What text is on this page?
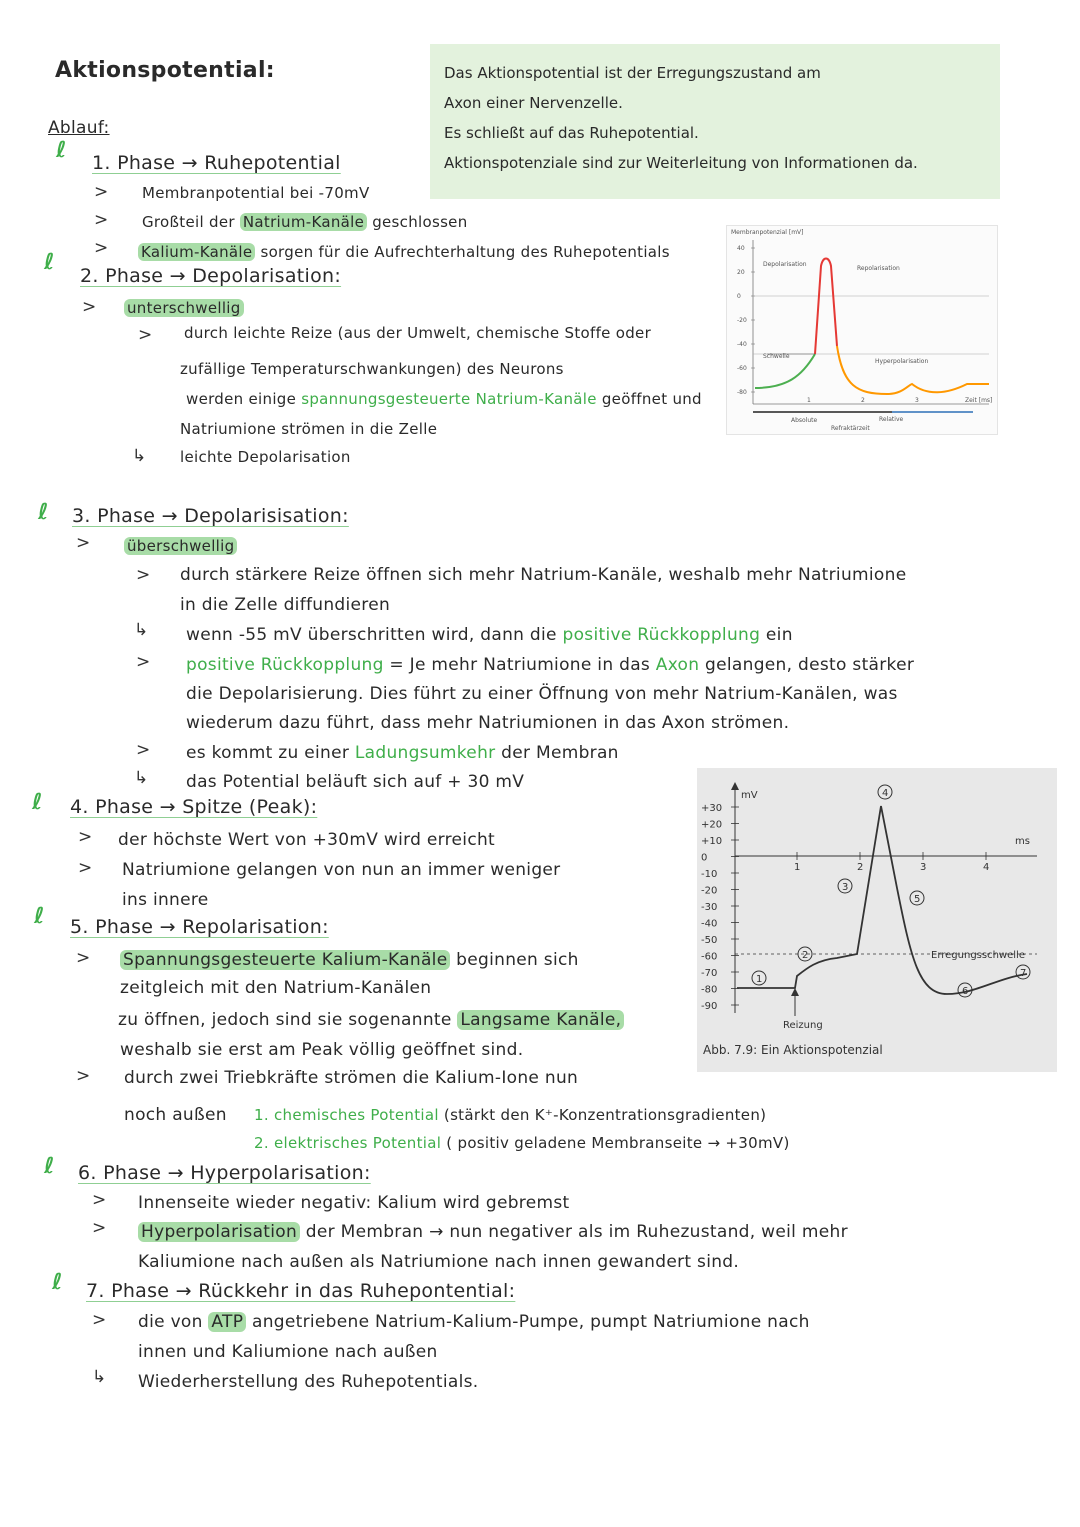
Aktionspotential:
Ablauf:
Das Aktionspotential ist der Erregungszustand am
Axon einer Nervenzelle.
Es schließt auf das Ruhepotential.
Aktionspotenziale sind zur Weiterleitung von Informationen da.
ℓ 1. Phase → Ruhepotential
> Membranpotential bei -70mV
> Großteil der Natrium-Kanäle geschlossen
> Kalium-Kanäle sorgen für die Aufrechterhaltung des Ruhepotentials
ℓ
2. Phase → Depolarisation:
> unterschwellig
> durch leichte Reize (aus der Umwelt, chemische Stoffe oder
zufällige Temperaturschwankungen) des Neurons
werden einige spannungsgesteuerte Natrium-Kanäle geöffnet und
Natriumione strömen in die Zelle
↳ leichte Depolarisation
Membranpotenzial [mV]
40
20
0
-20
-40
-60
-80
Schwelle
Depolarisation
Repolarisation
Hyperpolarisation
1	2	3	Zeit [ms]
Absolute
Refraktärzeit
Relative
ℓ 3. Phase → Depolarisisation:
> überschwellig
> durch stärkere Reize öffnen sich mehr Natrium-Kanäle, weshalb mehr Natriumione
in die Zelle diffundieren
↳ wenn -55 mV überschritten wird, dann die positive Rückkopplung ein
> positive Rückkopplung = Je mehr Natriumione in das Axon gelangen, desto stärker
die Depolarisierung. Dies führt zu einer Öffnung von mehr Natrium-Kanälen, was
wiederum dazu führt, dass mehr Natriumionen in das Axon strömen.
> es kommt zu einer Ladungsumkehr der Membran
↳ das Potential beläuft sich auf + 30 mV
ℓ 4. Phase → Spitze (Peak):
> der höchste Wert von +30mV wird erreicht
> Natriumione gelangen von nun an immer weniger
ins innere
ℓ 5. Phase → Repolarisation:
> Spannungsgesteuerte Kalium-Kanäle beginnen sich
zeitgleich mit den Natrium-Kanälen
zu öffnen, jedoch sind sie sogenannte Langsame Kanäle,
weshalb sie erst am Peak völlig geöffnet sind.
> durch zwei Triebkräfte strömen die Kalium-Ione nun
noch außen 1. chemisches Potential (stärkt den K⁺-Konzentrationsgradienten)
2. elektrisches Potential ( positiv geladene Membranseite → +30mV)
mV
+30
+20
+10
0
-10
-20
-30
-40
-50
-60
-70
-80
-90
1	2	3	4
ms
Erregungsschwelle
Reizung
1
2
3
4
5
6
7
Abb. 7.9: Ein Aktionspotenzial
ℓ 6. Phase → Hyperpolarisation:
> Innenseite wieder negativ: Kalium wird gebremst
> Hyperpolarisation der Membran → nun negativer als im Ruhezustand, weil mehr
Kaliumione nach außen als Natriumione nach innen gewandert sind.
ℓ 7. Phase → Rückkehr in das Ruhepontential:
> die von ATP angetriebene Natrium-Kalium-Pumpe, pumpt Natriumione nach
innen und Kaliumione nach außen
↳ Wiederherstellung des Ruhepotentials.
